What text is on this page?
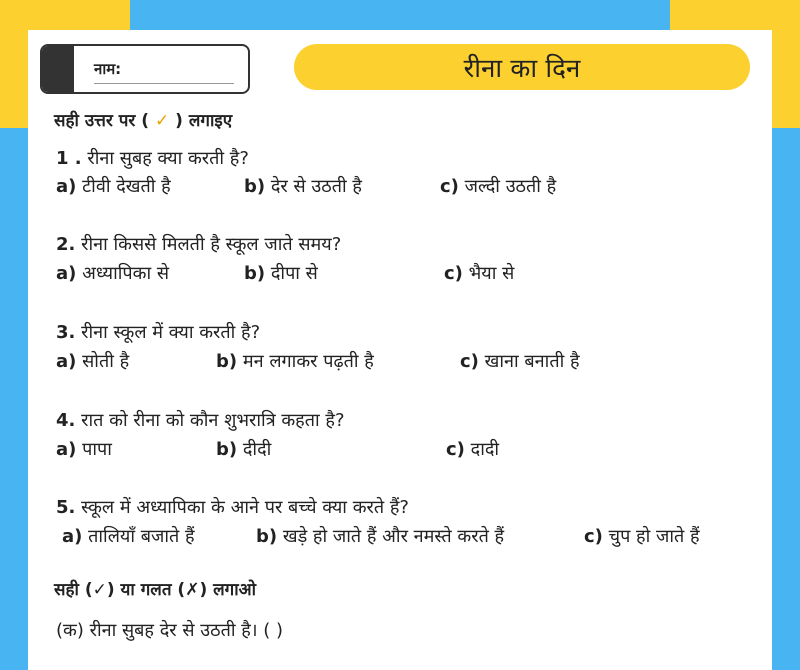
नाम:	रीना का दिन
सही उत्तर पर ( ✓ ) लगाइए
1 . रीना सुबह क्या करती है?
a) टीवी देखती है	b) देर से उठती है	c) जल्दी उठती है
2. रीना किससे मिलती है स्कूल जाते समय?
a) अध्यापिका से	b) दीपा से	c) भैया से
3. रीना स्कूल में क्या करती है?
a) सोती है	b) मन लगाकर पढ़ती है	c) खाना बनाती है
4. रात को रीना को कौन शुभरात्रि कहता है?
a) पापा	b) दीदी	c) दादी
5. स्कूल में अध्यापिका के आने पर बच्चे क्या करते हैं?
a) तालियाँ बजाते हैं	b) खड़े हो जाते हैं और नमस्ते करते हैं	c) चुप हो जाते हैं
सही (✓) या गलत (✗) लगाओ
(क) रीना सुबह देर से उठती है। ( )
